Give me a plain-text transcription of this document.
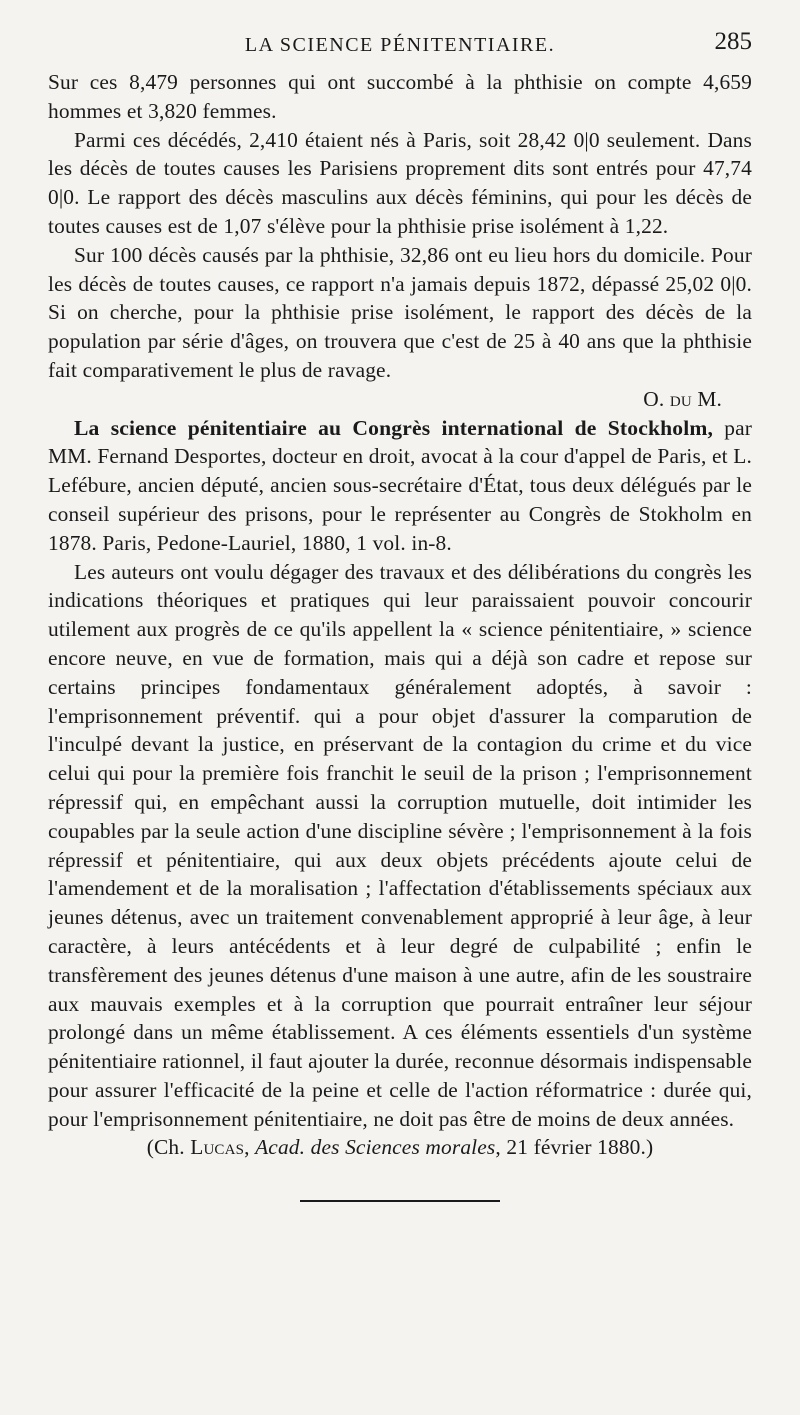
LA SCIENCE PÉNITENTIAIRE.	285

Sur ces 8,479 personnes qui ont succombé à la phthisie on compte 4,659 hommes et 3,820 femmes.

Parmi ces décédés, 2,410 étaient nés à Paris, soit 28,42 0|0 seulement. Dans les décès de toutes causes les Parisiens proprement dits sont entrés pour 47,74 0|0. Le rapport des décès masculins aux décès féminins, qui pour les décès de toutes causes est de 1,07 s'élève pour la phthisie prise isolément à 1,22.

Sur 100 décès causés par la phthisie, 32,86 ont eu lieu hors du domicile. Pour les décès de toutes causes, ce rapport n'a jamais depuis 1872, dépassé 25,02 0|0. Si on cherche, pour la phthisie prise isolément, le rapport des décès de la population par série d'âges, on trouvera que c'est de 25 à 40 ans que la phthisie fait comparativement le plus de ravage.
O. du M.

La science pénitentiaire au Congrès international de Stockholm, par MM. Fernand Desportes, docteur en droit, avocat à la cour d'appel de Paris, et L. Lefébure, ancien député, ancien sous-secrétaire d'État, tous deux délégués par le conseil supérieur des prisons, pour le représenter au Congrès de Stokholm en 1878. Paris, Pedone-Lauriel, 1880, 1 vol. in-8.

Les auteurs ont voulu dégager des travaux et des délibérations du congrès les indications théoriques et pratiques qui leur paraissaient pouvoir concourir utilement aux progrès de ce qu'ils appellent la « science pénitentiaire, » science encore neuve, en vue de formation, mais qui a déjà son cadre et repose sur certains principes fondamentaux généralement adoptés, à savoir : l'emprisonnement préventif. qui a pour objet d'assurer la comparution de l'inculpé devant la justice, en préservant de la contagion du crime et du vice celui qui pour la première fois franchit le seuil de la prison ; l'emprisonnement répressif qui, en empêchant aussi la corruption mutuelle, doit intimider les coupables par la seule action d'une discipline sévère ; l'emprisonnement à la fois répressif et pénitentiaire, qui aux deux objets précédents ajoute celui de l'amendement et de la moralisation ; l'affectation d'établissements spéciaux aux jeunes détenus, avec un traitement convenablement approprié à leur âge, à leur caractère, à leurs antécédents et à leur degré de culpabilité ; enfin le transfèrement des jeunes détenus d'une maison à une autre, afin de les soustraire aux mauvais exemples et à la corruption que pourrait entraîner leur séjour prolongé dans un même établissement. A ces éléments essentiels d'un système pénitentiaire rationnel, il faut ajouter la durée, reconnue désormais indispensable pour assurer l'efficacité de la peine et celle de l'action réformatrice : durée qui, pour l'emprisonnement pénitentiaire, ne doit pas être de moins de deux années.

(Ch. Lucas, Acad. des Sciences morales, 21 février 1880.)
